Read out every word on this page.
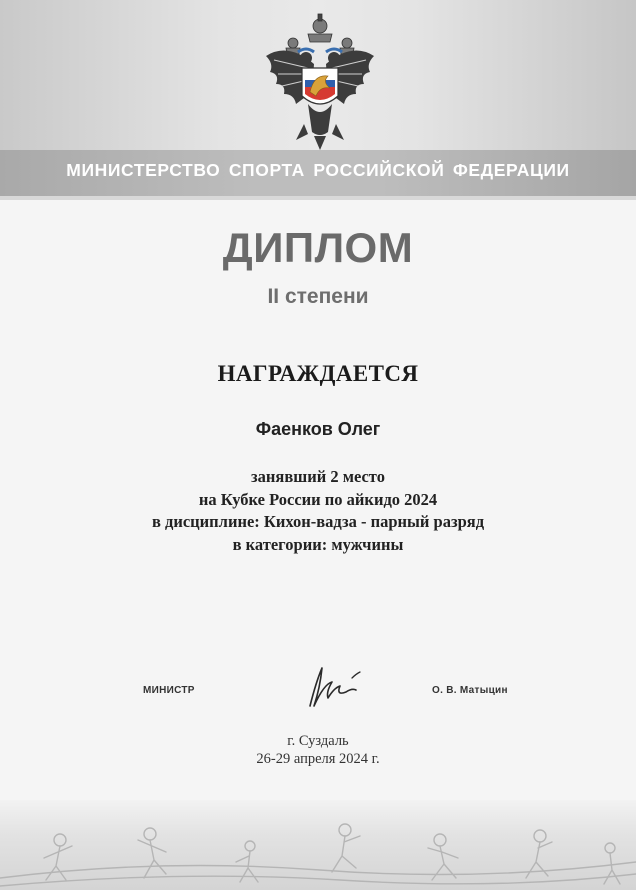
МИНИСТЕРСТВО СПОРТА РОССИЙСКОЙ ФЕДЕРАЦИИ
ДИПЛОМ
II степени
НАГРАЖДАЕТСЯ
Фаенков Олег
занявший 2 место
на Кубке России по айкидо 2024
в дисциплине: Кихон-вадза - парный разряд
в категории: мужчины
МИНИСТР	О. В. Матыцин
г. Суздаль
26-29 апреля 2024 г.
